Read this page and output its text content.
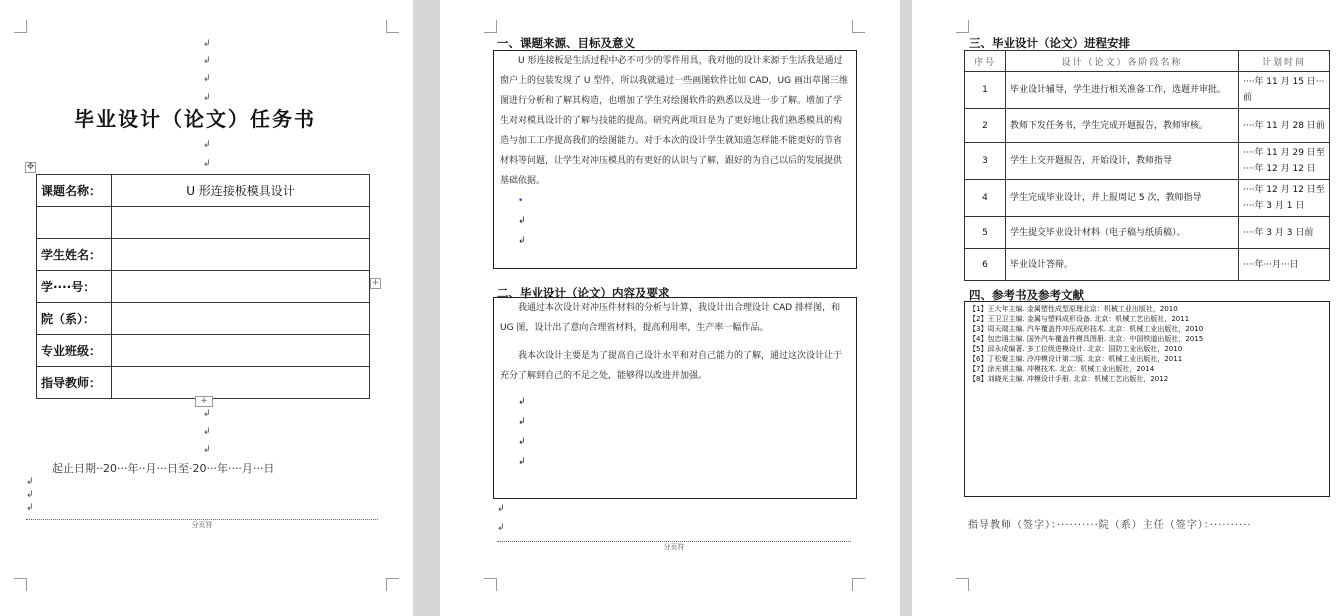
↲
↲
↲
↲
毕业设计（论文）任务书
↲
↲
✥
课题名称：	U 形连接板模具设计

学生姓名：	
学····号：	
院（系）：	
专业班级：	
指导教师：	
+
+
↲
↲
↲
起止日期··20···年··月···日至·20···年····月···日
↲
↲
↲
分页符
一、课题来源、目标及意义

U 形连接板是生活过程中必不可少的零件用具，我对他的设计来源于生活我是通过窗户上的包装发现了 U 型件，所以我就通过一些画图软件比如 CAD，UG 画出草图三维图进行分析和了解其构造，也增加了学生对绘图软件的熟悉以及进一步了解。增加了学生对对模具设计的了解与技能的提高。研究两此项目是为了更好地让我们熟悉模具的构造与加工工序提高我们的绘图能力。对于本次的设计学生就知道怎样能不能更好的节省材料等问题，让学生对冲压模具的有更好的认识与了解，跟好的为自己以后的发展提供基础依据。

•
↲
↲
二、毕业设计（论文）内容及要求

我通过本次设计对冲压件材料的分析与计算，我设计出合理设计 CAD 排样图，和 UG 图，设计出了意向合理省材料，提高利用率，生产率一幅作品。

我本次设计主要是为了提高自己设计水平和对自己能力的了解，通过这次设计让于充分了解到自己的不足之处，能够得以改进并加强。

↲
↲
↲
↲
↲
↲
分页符
三、毕业设计（论文）进程安排
序号	设计（论文）各阶段名称	计划时间
1	毕业设计辅导，学生进行相关准备工作，选题并审批。	····年 11 月 15 日···前
2	教师下发任务书，学生完成开题报告，教师审核。	····年 11 月 28 日前
3	学生上交开题报告，开始设计，教师指导	····年 11 月 29 日至····年 12 月 12 日
4	学生完成毕业设计，并上报周记 5 次，教师指导	····年 12 月 12 日至····年 3 月 1 日
5	学生提交毕业设计材料（电子稿与纸质稿）。	····年 3 月 3 日前
6	毕业设计答辩。	····年···月···日
四、参考书及参考文献
【1】王大年主编. 金属塑性成型原理北京：机械工业出版社，2010
【2】王卫卫主编. 金属与塑料成形设备. 北京：机械工艺出版社，2011
【3】周天瑞主编. 汽车覆盖件冲压成形技术. 北京：机械工业出版社，2010
【4】包忠诩主编. 国外汽车覆盖件模具图册. 北京：中国铁道出版社，2015
【5】邱永成编著. 多工位级进模设计. 北京：国防工业出版社，2010
【6】丁松聚主编. 冷冲模设计第二版. 北京：机械工业出版社，2011
【7】涂光祺主编. 冲模技术. 北京：机械工业出版社，2014
【8】刘晓光主编. 冲模设计手册. 北京：机械工艺出版社，2012
指导教师（签字）：··········院（系）主任（签字）：··········
